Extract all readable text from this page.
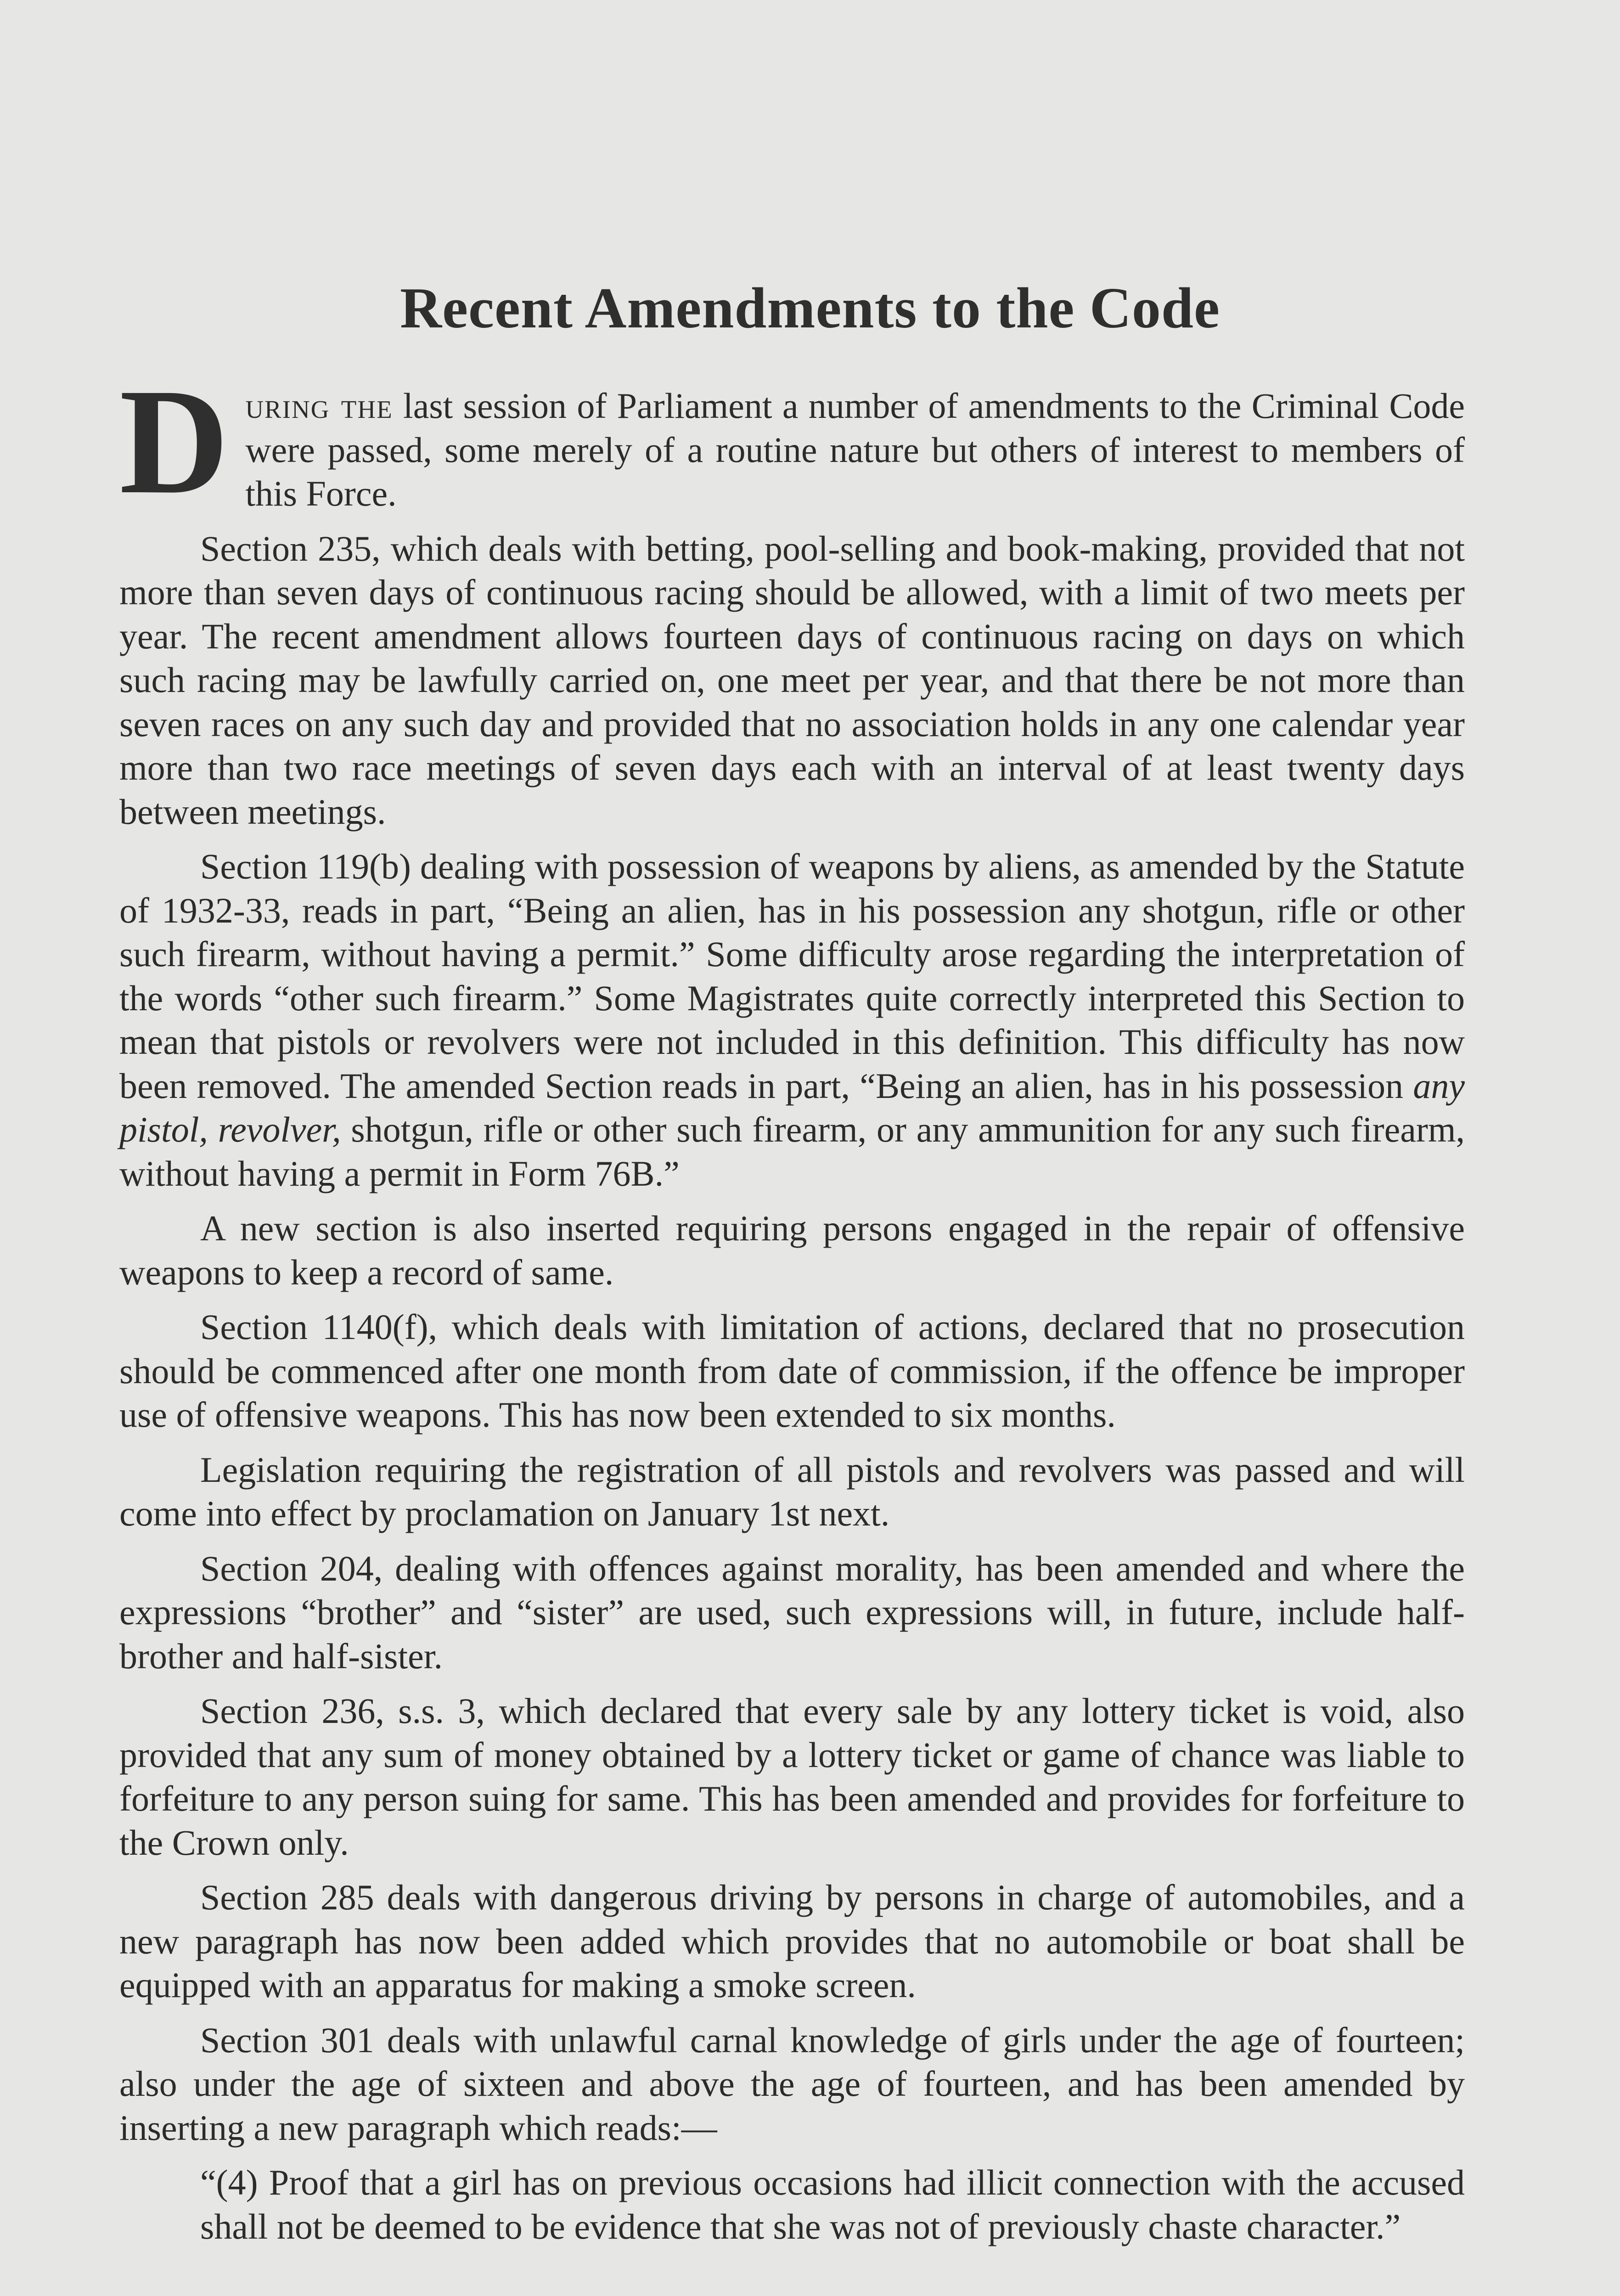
Recent Amendments to the Code

During the last session of Parliament a number of amendments to the Criminal Code were passed, some merely of a routine nature but others of interest to members of this Force.

Section 235, which deals with betting, pool-selling and book-making, provided that not more than seven days of continuous racing should be allowed, with a limit of two meets per year. The recent amendment allows fourteen days of continuous racing on days on which such racing may be lawfully carried on, one meet per year, and that there be not more than seven races on any such day and provided that no association holds in any one calendar year more than two race meetings of seven days each with an interval of at least twenty days between meetings.

Section 119(b) dealing with possession of weapons by aliens, as amended by the Statute of 1932-33, reads in part, “Being an alien, has in his possession any shotgun, rifle or other such firearm, without having a permit.” Some difficulty arose regarding the interpretation of the words “other such firearm.” Some Magistrates quite correctly interpreted this Section to mean that pistols or revolvers were not included in this definition. This difficulty has now been removed. The amended Section reads in part, “Being an alien, has in his possession any pistol, revolver, shotgun, rifle or other such firearm, or any ammunition for any such firearm, without having a permit in Form 76B.”

A new section is also inserted requiring persons engaged in the repair of offensive weapons to keep a record of same.

Section 1140(f), which deals with limitation of actions, declared that no prosecution should be commenced after one month from date of commission, if the offence be improper use of offensive weapons. This has now been extended to six months.

Legislation requiring the registration of all pistols and revolvers was passed and will come into effect by proclamation on January 1st next.

Section 204, dealing with offences against morality, has been amended and where the expressions “brother” and “sister” are used, such expressions will, in future, include half-brother and half-sister.

Section 236, s.s. 3, which declared that every sale by any lottery ticket is void, also provided that any sum of money obtained by a lottery ticket or game of chance was liable to forfeiture to any person suing for same. This has been amended and provides for forfeiture to the Crown only.

Section 285 deals with dangerous driving by persons in charge of automobiles, and a new paragraph has now been added which provides that no automobile or boat shall be equipped with an apparatus for making a smoke screen.

Section 301 deals with unlawful carnal knowledge of girls under the age of fourteen; also under the age of sixteen and above the age of fourteen, and has been amended by inserting a new paragraph which reads:—

“(4) Proof that a girl has on previous occasions had illicit connection with the accused shall not be deemed to be evidence that she was not of previously chaste character.”
